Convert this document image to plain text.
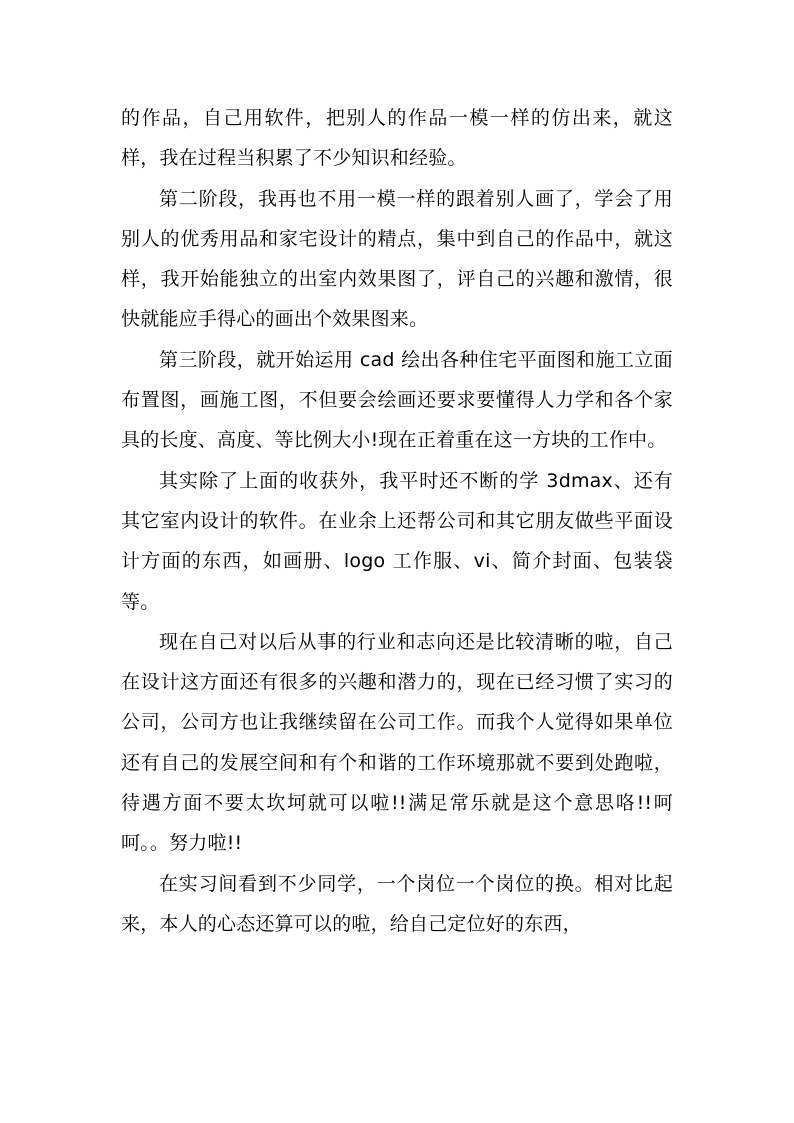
的作品，自己用软件，把别人的作品一模一样的仿出来，就这样，我在过程当积累了不少知识和经验。

第二阶段，我再也不用一模一样的跟着别人画了，学会了用别人的优秀用品和家宅设计的精点，集中到自己的作品中，就这样，我开始能独立的出室内效果图了，评自己的兴趣和激情，很快就能应手得心的画出个效果图来。

第三阶段，就开始运用 cad 绘出各种住宅平面图和施工立面布置图，画施工图，不但要会绘画还要求要懂得人力学和各个家具的长度、高度、等比例大小!现在正着重在这一方块的工作中。

其实除了上面的收获外，我平时还不断的学 3dmax、还有其它室内设计的软件。在业余上还帮公司和其它朋友做些平面设计方面的东西，如画册、logo 工作服、vi、简介封面、包装袋等。

现在自己对以后从事的行业和志向还是比较清晰的啦，自己在设计这方面还有很多的兴趣和潜力的，现在已经习惯了实习的公司，公司方也让我继续留在公司工作。而我个人觉得如果单位还有自己的发展空间和有个和谐的工作环境那就不要到处跑啦，待遇方面不要太坎坷就可以啦!!满足常乐就是这个意思咯!!呵呵。。努力啦!!

在实习间看到不少同学，一个岗位一个岗位的换。相对比起来，本人的心态还算可以的啦，给自己定位好的东西，
